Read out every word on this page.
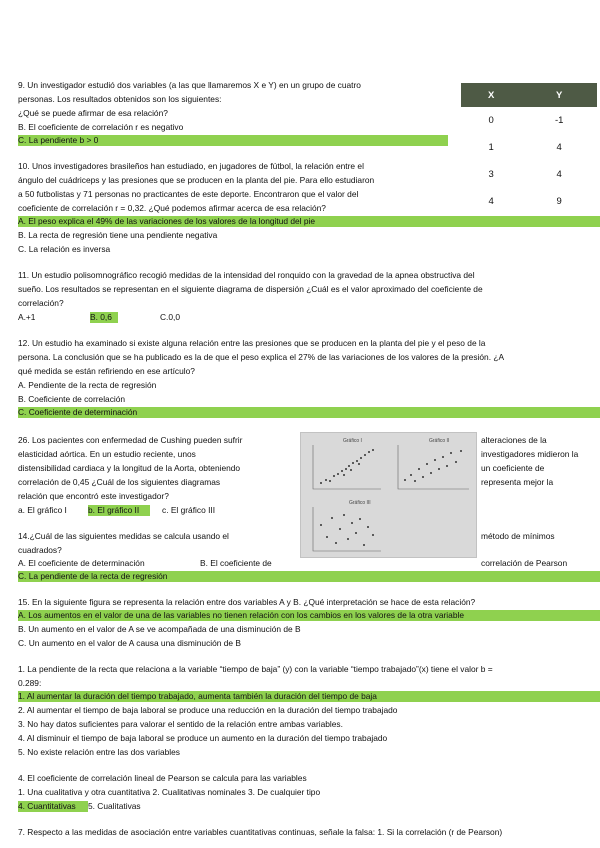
9. Un investigador estudió dos variables (a las que llamaremos X e Y) en un grupo de cuatro
personas. Los resultados obtenidos son los siguientes:
¿Qué se puede afirmar de esa relación?
B. El coeficiente de correlación r es negativo
C. La pendiente b > 0
X	Y
0	-1
1	4
3	4
4	9
10. Unos investigadores brasileños han estudiado, en jugadores de fútbol, la relación entre el
ángulo del cuádriceps y las presiones que se producen en la planta del pie. Para ello estudiaron
a 50 futbolistas y 71 personas no practicantes de este deporte. Encontraron que el valor del
coeficiente de correlación r = 0,32. ¿Qué podemos afirmar acerca de esa relación?
A. El peso explica el 49% de las variaciones de los valores de la longitud del pie
B. La recta de regresión tiene una pendiente negativa
C. La relación es inversa
11. Un estudio polisomnográfico recogió medidas de la intensidad del ronquido con la gravedad de la apnea obstructiva del
sueño. Los resultados se representan en el siguiente diagrama de dispersión ¿Cuál es el valor aproximado del coeficiente de
correlación?
A.+1	B. 0,6	C.0,0
12. Un estudio ha examinado si existe alguna relación entre las presiones que se producen en la planta del pie y el peso de la
persona. La conclusión que se ha publicado es la de que el peso explica el 27% de las variaciones de los valores de la presión. ¿A
qué medida se están refiriendo en ese artículo?
A. Pendiente de la recta de regresión
B. Coeficiente de correlación
C. Coeficiente de determinación
26. Los pacientes con enfermedad de Cushing pueden sufrir
elasticidad aórtica. En un estudio reciente, unos
distensibilidad cardiaca y la longitud de la Aorta, obteniendo
correlación de 0,45 ¿Cuál de los siguientes diagramas
relación que encontró este investigador?
alteraciones de la
investigadores midieron la
un coeficiente de
representa mejor la
a. El gráfico I	b. El gráfico II	c. El gráfico III
Gráfico I	Gráfico II
Gráfico III
14.¿Cuál de las siguientes medidas se calcula usando el	método de mínimos
cuadrados?
A. El coeficiente de determinación	B. El coeficiente de	correlación de Pearson
C. La pendiente de la recta de regresión
15. En la siguiente figura se representa la relación entre dos variables A y B. ¿Qué interpretación se hace de esta relación?
A. Los aumentos en el valor de una de las variables no tienen relación con los cambios en los valores de la otra variable
B. Un aumento en el valor de A se ve acompañada de una disminución de B
C. Un aumento en el valor de A causa una disminución de B
1. La pendiente de la recta que relaciona a la variable “tiempo de baja” (y) con la variable “tiempo trabajado”(x) tiene el valor b =
0.289:
1. Al aumentar la duración del tiempo trabajado, aumenta también la duración del tiempo de baja
2. Al aumentar el tiempo de baja laboral se produce una reducción en la duración del tiempo trabajado
3. No hay datos suficientes para valorar el sentido de la relación entre ambas variables.
4. Al disminuir el tiempo de baja laboral se produce un aumento en la duración del tiempo trabajado
5. No existe relación entre las dos variables
4. El coeficiente de correlación lineal de Pearson se calcula para las variables
1. Una cualitativa y otra cuantitativa 2. Cualitativas nominales 3. De cualquier tipo
4. Cuantitativas	5. Cualitativas
7. Respecto a las medidas de asociación entre variables cuantitativas continuas, señale la falsa: 1. Si la correlación (r de Pearson)
